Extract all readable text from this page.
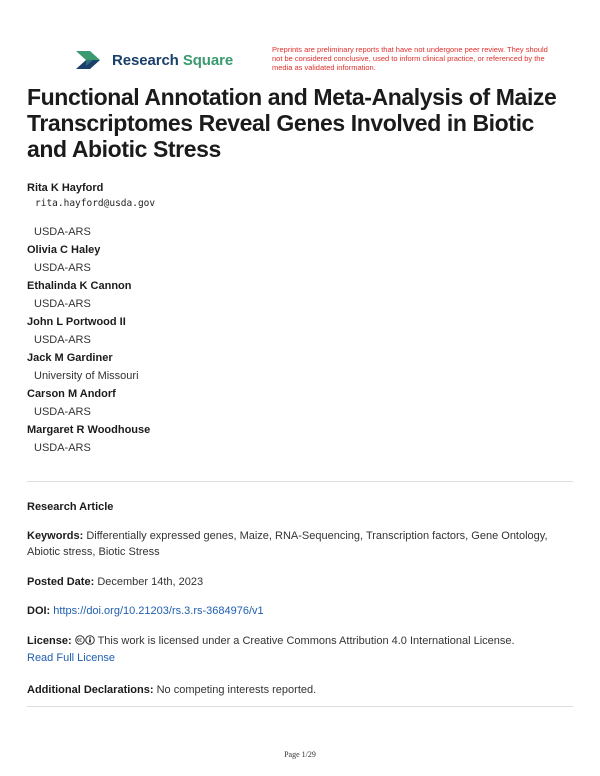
Research Square
Preprints are preliminary reports that have not undergone peer review. They should not be considered conclusive, used to inform clinical practice, or referenced by the media as validated information.
Functional Annotation and Meta-Analysis of Maize Transcriptomes Reveal Genes Involved in Biotic and Abiotic Stress
Rita K Hayford
rita.hayford@usda.gov
USDA-ARS
Olivia C Haley
USDA-ARS
Ethalinda K Cannon
USDA-ARS
John L Portwood II
USDA-ARS
Jack M Gardiner
University of Missouri
Carson M Andorf
USDA-ARS
Margaret R Woodhouse
USDA-ARS
Research Article
Keywords: Differentially expressed genes, Maize, RNA-Sequencing, Transcription factors, Gene Ontology, Abiotic stress, Biotic Stress
Posted Date: December 14th, 2023
DOI: https://doi.org/10.21203/rs.3.rs-3684976/v1
License: This work is licensed under a Creative Commons Attribution 4.0 International License.
Read Full License
Additional Declarations: No competing interests reported.
Page 1/29
